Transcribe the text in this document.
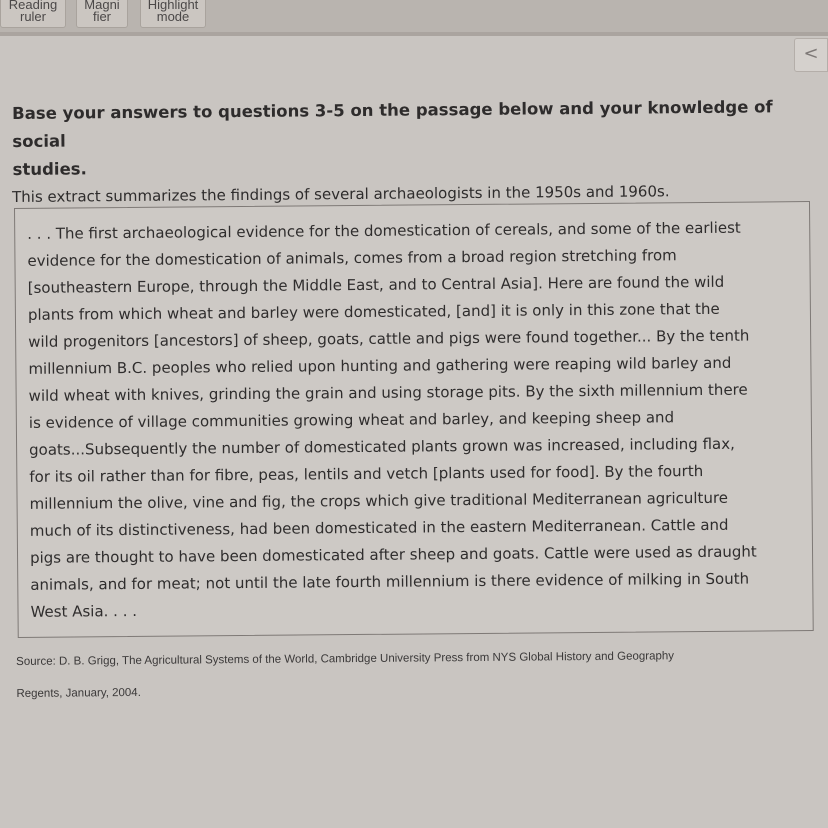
Reading
ruler
Magni
fier
Highlight
mode
<
Base your answers to questions 3-5 on the passage below and your knowledge of social
studies.
This extract summarizes the findings of several archaeologists in the 1950s and 1960s.
. . . The first archaeological evidence for the domestication of cereals, and some of the earliest
evidence for the domestication of animals, comes from a broad region stretching from
[southeastern Europe, through the Middle East, and to Central Asia]. Here are found the wild
plants from which wheat and barley were domesticated, [and] it is only in this zone that the
wild progenitors [ancestors] of sheep, goats, cattle and pigs were found together... By the tenth
millennium B.C. peoples who relied upon hunting and gathering were reaping wild barley and
wild wheat with knives, grinding the grain and using storage pits. By the sixth millennium there
is evidence of village communities growing wheat and barley, and keeping sheep and
goats...Subsequently the number of domesticated plants grown was increased, including flax,
for its oil rather than for fibre, peas, lentils and vetch [plants used for food]. By the fourth
millennium the olive, vine and fig, the crops which give traditional Mediterranean agriculture
much of its distinctiveness, had been domesticated in the eastern Mediterranean. Cattle and
pigs are thought to have been domesticated after sheep and goats. Cattle were used as draught
animals, and for meat; not until the late fourth millennium is there evidence of milking in South
West Asia. . . .
Source: D. B. Grigg, The Agricultural Systems of the World, Cambridge University Press from NYS Global History and Geography
Regents, January, 2004.
